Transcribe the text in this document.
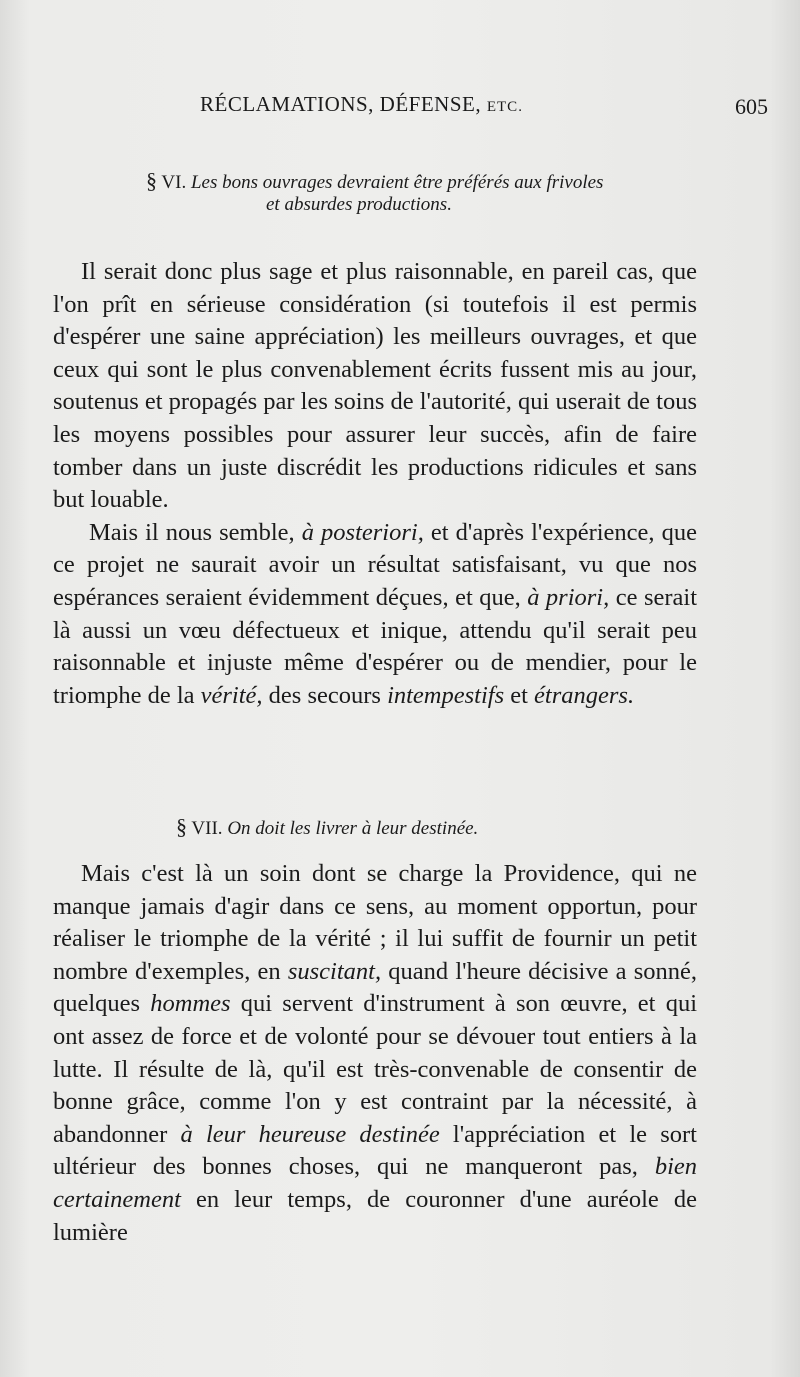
RÉCLAMATIONS, DÉFENSE, ETC.	605
§ VI. Les bons ouvrages devraient être préférés aux frivoles
et absurdes productions.

Il serait donc plus sage et plus raisonnable, en pareil cas, que l'on prît en sérieuse considération (si toutefois il est permis d'espérer une saine appréciation) les meilleurs ouvrages, et que ceux qui sont le plus convenablement écrits fussent mis au jour, soutenus et propagés par les soins de l'autorité, qui userait de tous les moyens possibles pour assurer leur succès, afin de faire tomber dans un juste discrédit les productions ridicules et sans but louable.

Mais il nous semble, à posteriori, et d'après l'expérience, que ce projet ne saurait avoir un résultat satisfaisant, vu que nos espérances seraient évidemment déçues, et que, à priori, ce serait là aussi un vœu défectueux et inique, attendu qu'il serait peu raisonnable et injuste même d'espérer ou de mendier, pour le triomphe de la vérité, des secours intempestifs et étrangers.

§ VII. On doit les livrer à leur destinée.

Mais c'est là un soin dont se charge la Providence, qui ne manque jamais d'agir dans ce sens, au moment opportun, pour réaliser le triomphe de la vérité ; il lui suffit de fournir un petit nombre d'exemples, en suscitant, quand l'heure décisive a sonné, quelques hommes qui servent d'instrument à son œuvre, et qui ont assez de force et de volonté pour se dévouer tout entiers à la lutte. Il résulte de là, qu'il est très-convenable de consentir de bonne grâce, comme l'on y est contraint par la nécessité, à abandonner à leur heureuse destinée l'appréciation et le sort ultérieur des bonnes choses, qui ne manqueront pas, bien certainement en leur temps, de couronner d'une auréole de lumière
